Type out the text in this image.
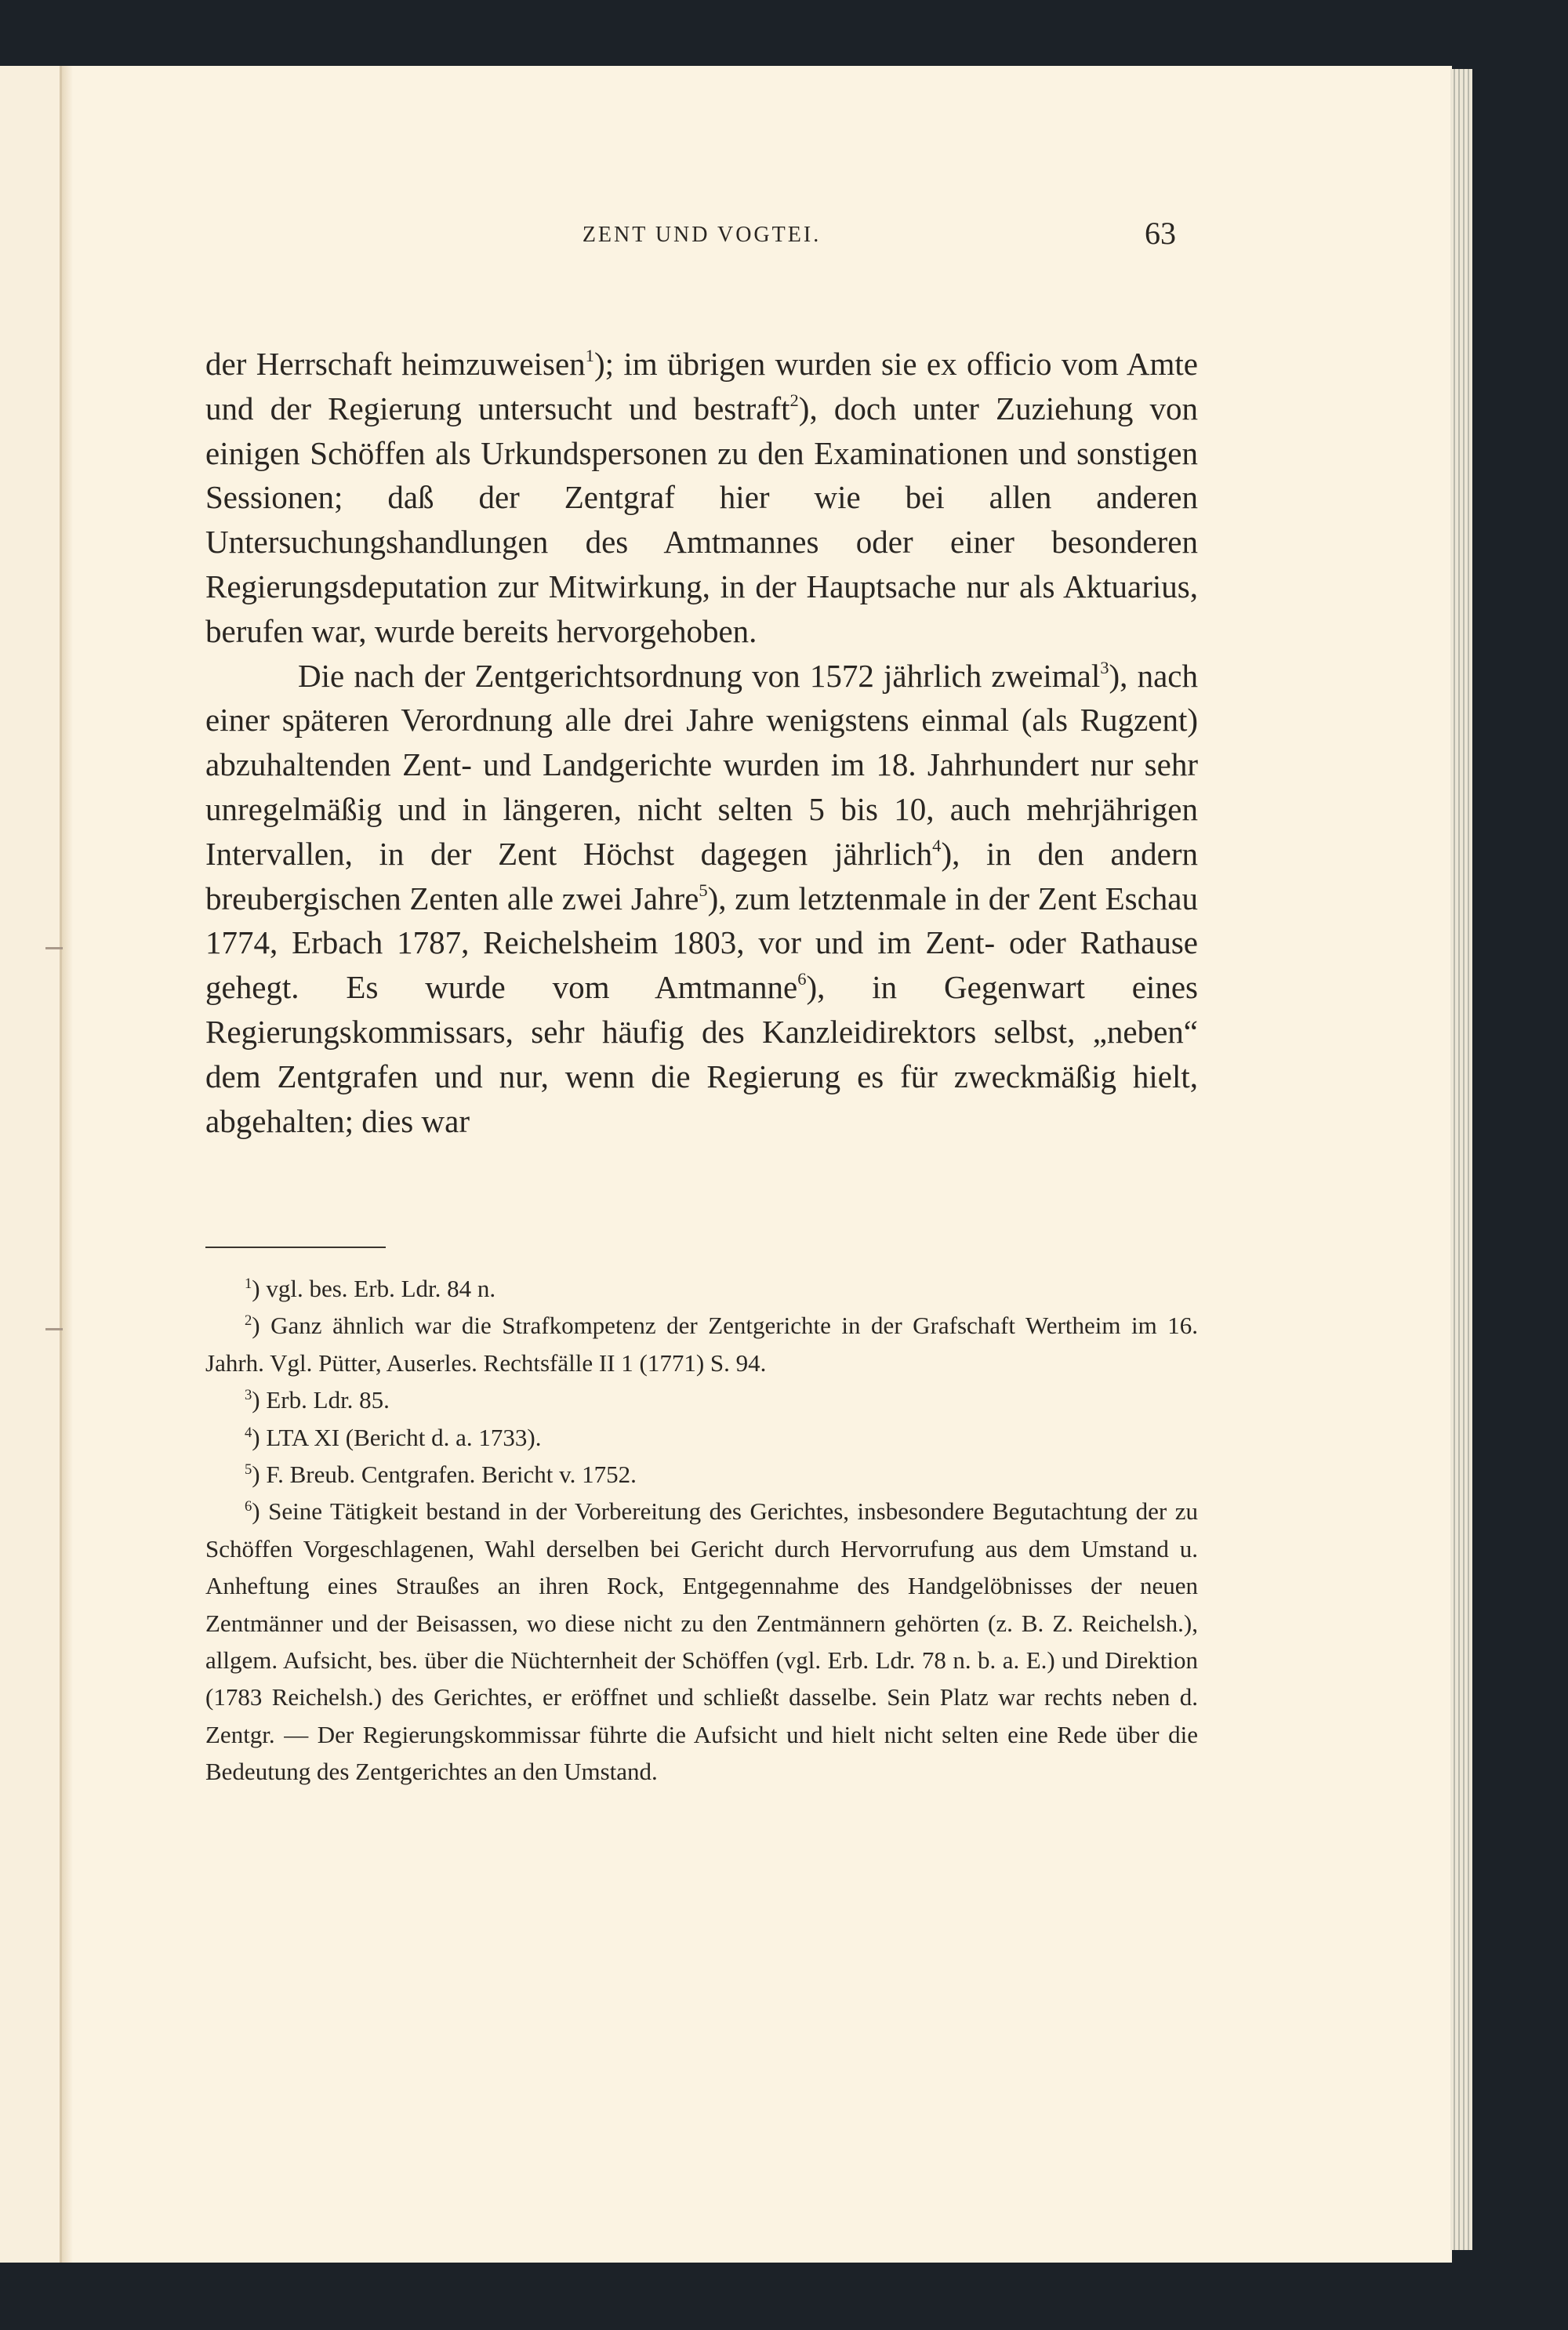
ZENT UND VOGTEI.	63

der Herrschaft heimzuweisen$^1$); im übrigen wurden sie ex officio vom Amte und der Regierung untersucht und bestraft$^2$), doch unter Zuziehung von einigen Schöffen als Urkundspersonen zu den Examinationen und sonstigen Sessionen; daß der Zentgraf hier wie bei allen anderen Untersuchungshandlungen des Amtmannes oder einer besonderen Regierungsdeputation zur Mitwirkung, in der Hauptsache nur als Aktuarius, berufen war, wurde bereits hervorgehoben.

Die nach der Zentgerichtsordnung von 1572 jährlich zweimal$^3$), nach einer späteren Verordnung alle drei Jahre wenigstens einmal (als Rugzent) abzuhaltenden Zent- und Landgerichte wurden im 18. Jahrhundert nur sehr unregelmäßig und in längeren, nicht selten 5 bis 10, auch mehrjährigen Intervallen, in der Zent Höchst dagegen jährlich$^4$), in den andern breubergischen Zenten alle zwei Jahre$^5$), zum letztenmale in der Zent Eschau 1774, Erbach 1787, Reichelsheim 1803, vor und im Zent- oder Rathause gehegt. Es wurde vom Amtmanne$^6$), in Gegenwart eines Regierungskommissars, sehr häufig des Kanzleidirektors selbst, „neben“ dem Zentgrafen und nur, wenn die Regierung es für zweckmäßig hielt, abgehalten; dies war

$^1$) vgl. bes. Erb. Ldr. 84 n.

$^2$) Ganz ähnlich war die Strafkompetenz der Zentgerichte in der Grafschaft Wertheim im 16. Jahrh. Vgl. Pütter, Auserles. Rechtsfälle II 1 (1771) S. 94.

$^3$) Erb. Ldr. 85.

$^4$) LTA XI (Bericht d. a. 1733).

$^5$) F. Breub. Centgrafen. Bericht v. 1752.

$^6$) Seine Tätigkeit bestand in der Vorbereitung des Gerichtes, insbesondere Begutachtung der zu Schöffen Vorgeschlagenen, Wahl derselben bei Gericht durch Hervorrufung aus dem Umstand u. Anheftung eines Straußes an ihren Rock, Entgegennahme des Handgelöbnisses der neuen Zentmänner und der Beisassen, wo diese nicht zu den Zentmännern gehörten (z. B. Z. Reichelsh.), allgem. Aufsicht, bes. über die Nüchternheit der Schöffen (vgl. Erb. Ldr. 78 n. b. a. E.) und Direktion (1783 Reichelsh.) des Gerichtes, er eröffnet und schließt dasselbe. Sein Platz war rechts neben d. Zentgr. — Der Regierungskommissar führte die Aufsicht und hielt nicht selten eine Rede über die Bedeutung des Zentgerichtes an den Umstand.
